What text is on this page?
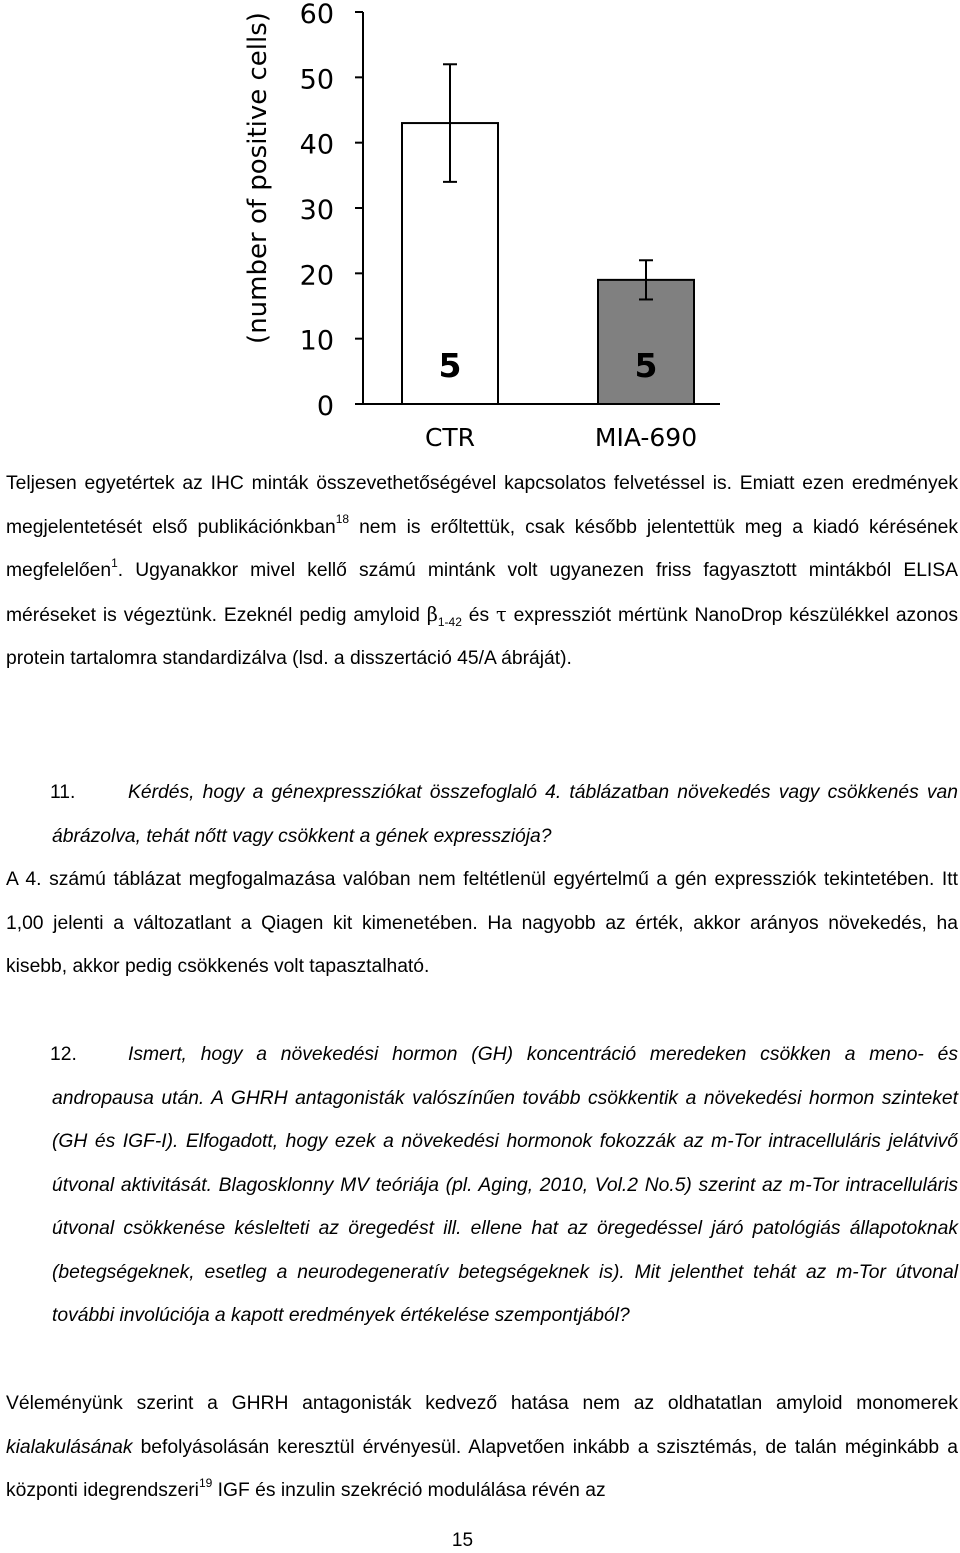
0
10
20
30
40
50
60
(number of positive cells)
5
CTR
5
MIA-690

Teljesen egyetértek az IHC minták összevethetőségével kapcsolatos felvetéssel is. Emiatt ezen eredmények megjelentetését első publikációnkban$^{18}$ nem is erőltettük, csak később jelentettük meg a kiadó kérésének megfelelően$^1$. Ugyanakkor mivel kellő számú mintánk volt ugyanezen friss fagyasztott mintákból ELISA méréseket is végeztünk. Ezeknél pedig amyloid $\beta_{1-42}$ és τ expressziót mértünk NanoDrop készülékkel azonos protein tartalomra standardizálva (lsd. a disszertáció 45/A ábráját).

11.	Kérdés, hogy a génexpressziókat összefoglaló 4. táblázatban növekedés vagy csökkenés van ábrázolva, tehát nőtt vagy csökkent a gének expressziója?

A 4. számú táblázat megfogalmazása valóban nem feltétlenül egyértelmű a gén expressziók tekintetében. Itt 1,00 jelenti a változatlant a Qiagen kit kimenetében. Ha nagyobb az érték, akkor arányos növekedés, ha kisebb, akkor pedig csökkenés volt tapasztalható.

12.	Ismert, hogy a növekedési hormon (GH) koncentráció meredeken csökken a meno- és andropausa után. A GHRH antagonisták valószínűen tovább csökkentik a növekedési hormon szinteket (GH és IGF-I). Elfogadott, hogy ezek a növekedési hormonok fokozzák az m-Tor intracelluláris jelátvivő útvonal aktivitását. Blagosklonny MV teóriája (pl. Aging, 2010, Vol.2 No.5) szerint az m-Tor intracelluláris útvonal csökkenése késlelteti az öregedést ill. ellene hat az öregedéssel járó patológiás állapotoknak (betegségeknek, esetleg a neurodegeneratív betegségeknek is). Mit jelenthet tehát az m-Tor útvonal további involúciója a kapott eredmények értékelése szempontjából?

Véleményünk szerint a GHRH antagonisták kedvező hatása nem az oldhatatlan amyloid monomerek kialakulásának befolyásolásán keresztül érvényesül. Alapvetően inkább a szisztémás, de talán méginkább a központi idegrendszeri$^{19}$ IGF és inzulin szekréció modulálása révén az

15
